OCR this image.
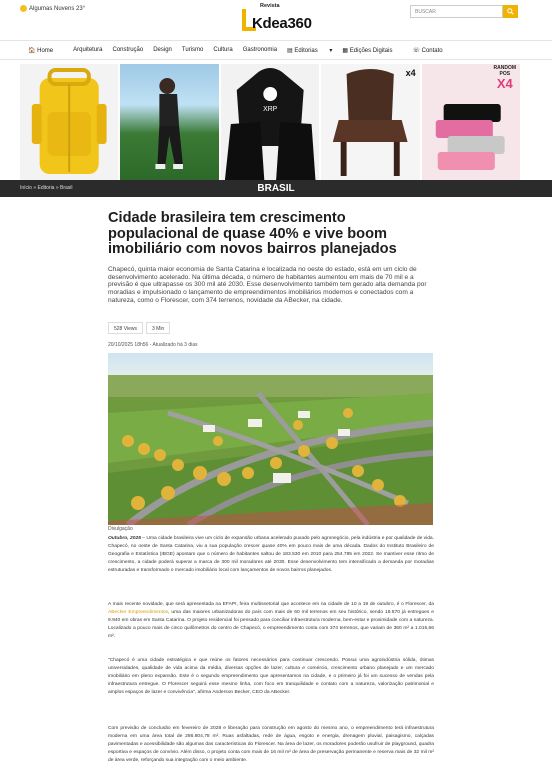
Algumas Nuvens 23°	Revista
Kdea360
BUSCAR
🏠 Home	Arquitetura Construção Design Turismo Cultura Gastronomia ▤ Editorias ▾ ▦ Edições Digitais	☏ Contato
XRP
x4	RANDOM
POS
X4
Início » Editoria » Brasil	BRASIL
Cidade brasileira tem crescimento populacional de quase 40% e vive boom imobiliário com novos bairros planejados
Chapecó, quinta maior economia de Santa Catarina e localizada no oeste do estado, está em um ciclo de desenvolvimento acelerado. Na última década, o número de habitantes aumentou em mais de 70 mil e a previsão é que ultrapasse os 300 mil até 2030. Esse desenvolvimento também tem gerado alta demanda por moradias e impulsionado o lançamento de empreendimentos imobiliários modernos e conectados com a natureza, como o Florescer, com 374 terrenos, novidade da ABecker, na cidade.
528 Views	3 Min
20/10/2025 18h56 - Atualizado há 3 dias
Divulgação
Outubro, 2025 – Uma cidade brasileira vive um ciclo de expansão urbana acelerado puxado pelo agronegócio, pela indústria e por qualidade de vida. Chapecó, no oeste de Santa Catarina, viu a sua população crescer quase 40% em pouco mais de uma década. Dados do Instituto Brasileiro de Geografia e Estatística (IBGE) apontam que o número de habitantes saltou de 183.530 em 2010 para 254.785 em 2022. Se mantiver esse ritmo de crescimento, a cidade poderá superar a marca de 300 mil moradores até 2030. Esse desenvolvimento tem intensificado a demanda por moradias estruturadas e transformado o mercado imobiliário local com lançamentos de novos bairros planejados.
A mais recente novidade, que será apresentada na EFAPI, feira multissetorial que acontece em na cidade de 10 a 19 de outubro, é o Florescer, da ABecker Empreendimentos, uma das maiores urbanizadoras do país com mais de 60 mil terrenos em seu histórico, sendo 19.570 já entregues e 9.940 em obras em Santa Catarina. O projeto residencial foi pensado para conciliar infraestrutura moderna, bem-estar e proximidade com a natureza. Localizado a pouco mais de cinco quilômetros do centro de Chapecó, o empreendimento conta com 374 terrenos, que variam de 360 m² a 1.015,66 m².
"Chapecó é uma cidade estratégica e que reúne os fatores necessários para continuar crescendo. Possui uma agroindústria sólida, ótimas universidades, qualidade de vida acima da média, diversas opções de lazer, cultura e comércio, crescimento urbano planejado e um mercado imobiliário em pleno expansão. Este é o segundo empreendimento que apresentamos na cidade, e o primeiro já foi um sucesso de vendas pela infraestrutura entregue. O Florescer seguirá esse mesmo linha, com foco em tranquilidade e contato com a natureza, valorização patrimonial e amplos espaços de lazer e convivência", afirma Anderson Becker, CEO da ABecker.
Com previsão de conclusão em fevereiro de 2028 e liberação para construção em agosto do mesmo ano, o empreendimento terá infraestrutura moderna em uma área total de 286.804,78 m². Ruas asfaltadas, rede de água, esgoto e energia, drenagem pluvial, paisagismo, calçadas pavimentadas e acessibilidade são algumas das características do Florescer. Na área de lazer, os moradores poderão usufruir de playground, quadra esportiva e espaços de convívio. Além disso, o projeto conta com mais de 16 mil m² de área de preservação permanente e reserva mais de 32 mil m² de área verde, reforçando sua integração com o meio ambiente.
